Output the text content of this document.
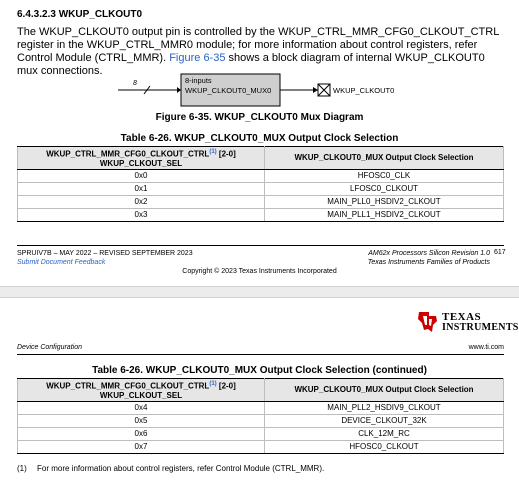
6.4.3.2.3 WKUP_CLKOUT0
The WKUP_CLKOUT0 output pin is controlled by the WKUP_CTRL_MMR_CFG0_CLKOUT_CTRL register in the WKUP_CTRL_MMR0 module; for more information about control registers, refer Control Module (CTRL_MMR). Figure 6-35 shows a block diagram of internal WKUP_CLKOUT0 mux connections.
8	8-inputs
WKUP_CLKOUT0_MUX0	WKUP_CLKOUT0
Figure 6-35. WKUP_CLKOUT0 Mux Diagram
Table 6-26. WKUP_CLKOUT0_MUX Output Clock Selection
WKUP_CTRL_MMR_CFG0_CLKOUT_CTRL$^{(1)}$ [2-0]
WKUP_CLKOUT_SEL	WKUP_CLKOUT0_MUX Output Clock Selection
0x0	HFOSC0_CLK
0x1	LFOSC0_CLKOUT
0x2	MAIN_PLL0_HSDIV2_CLKOUT
0x3	MAIN_PLL1_HSDIV2_CLKOUT
SPRUIV7B – MAY 2022 – REVISED SEPTEMBER 2023
Submit Document Feedback
AM62x Processors Silicon Revision 1.0
Texas Instruments Families of Products
617
Copyright © 2023 Texas Instruments Incorporated
TEXAS
INSTRUMENTS
Device Configuration	www.ti.com
Table 6-26. WKUP_CLKOUT0_MUX Output Clock Selection (continued)
WKUP_CTRL_MMR_CFG0_CLKOUT_CTRL$^{(1)}$ [2-0]
WKUP_CLKOUT_SEL	WKUP_CLKOUT0_MUX Output Clock Selection
0x4	MAIN_PLL2_HSDIV9_CLKOUT
0x5	DEVICE_CLKOUT_32K
0x6	CLK_12M_RC
0x7	HFOSC0_CLKOUT
(1) For more information about control registers, refer Control Module (CTRL_MMR).
